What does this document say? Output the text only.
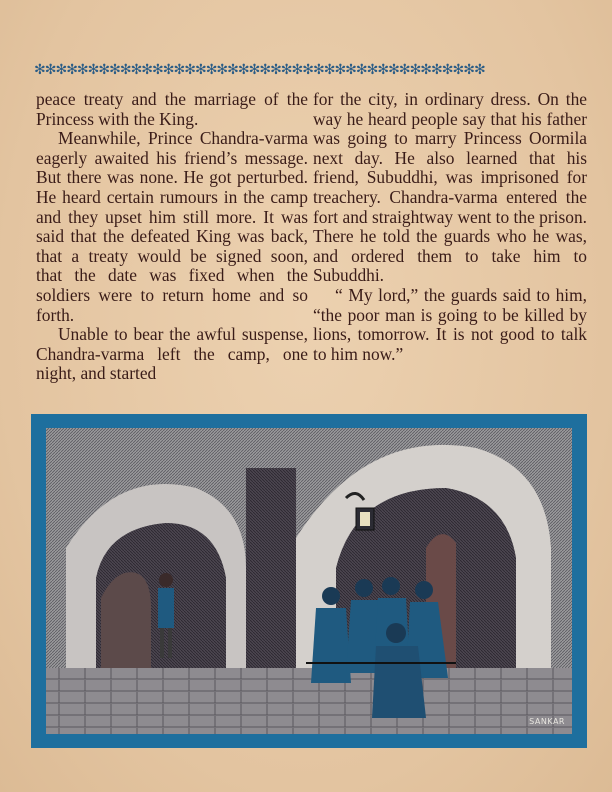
✻✻✻✻✻✻✻✻✻✻✻✻✻✻✻✻✻✻✻✻✻✻✻✻✻✻✻✻✻✻✻✻✻✻✻✻✻✻✻✻✻✻

peace treaty and the marriage of the Princess with the King.

Meanwhile, Prince Chandra-varma eagerly awaited his friend’s message. But there was none. He got perturbed. He heard certain rumours in the camp and they upset him still more. It was said that the defeated King was back, that a treaty would be signed soon, that the date was fixed when the soldiers were to return home and so forth.

Unable to bear the awful suspense, Chandra-varma left the camp, one night, and started

for the city, in ordinary dress. On the way he heard people say that his father was going to marry Princess Oormila next day. He also learned that his friend, Subuddhi, was imprisoned for treachery. Chandra-varma entered the fort and straightway went to the prison. There he told the guards who he was, and ordered them to take him to Subuddhi.

“ My lord,” the guards said to him, “the poor man is going to be killed by lions, tomorrow. It is not good to talk to him now.”

SANKAR
